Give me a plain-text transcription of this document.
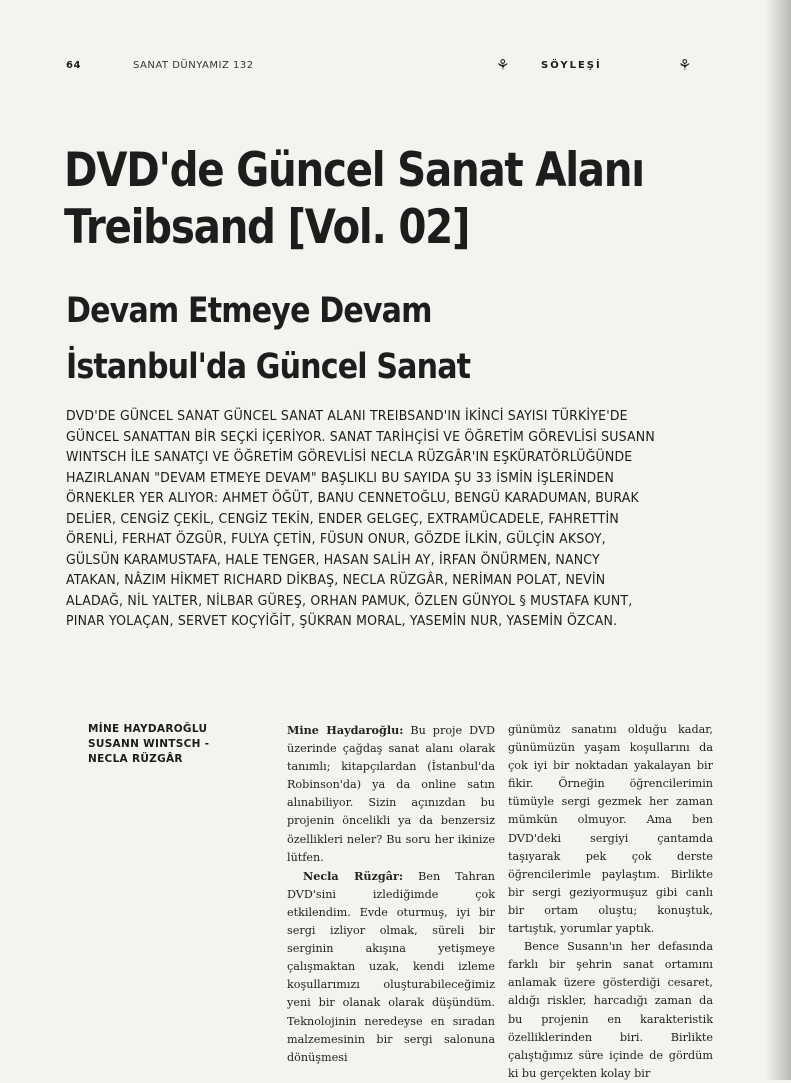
64	SANAT DÜNYAMIZ 132	⚘	SÖYLEŞİ	⚘
DVD'de Güncel Sanat Alanı Treibsand [Vol. 02]
Devam Etmeye Devam
İstanbul'da Güncel Sanat

DVD'DE GÜNCEL SANAT GÜNCEL SANAT ALANI TREIBSAND'IN İKİNCİ SAYISI TÜRKİYE'DE GÜNCEL SANATTAN BİR SEÇKİ İÇERİYOR. SANAT TARİHÇİSİ VE ÖĞRETİM GÖREVLİSİ SUSANN WINTSCH İLE SANATÇI VE ÖĞRETİM GÖREVLİSİ NECLA RÜZGÂR'IN EŞKÜRATÖRLÜĞÜNDE HAZIRLANAN "DEVAM ETMEYE DEVAM" BAŞLIKLI BU SAYIDA ŞU 33 İSMİN İŞLERİNDEN ÖRNEKLER YER ALIYOR: AHMET ÖĞÜT, BANU CENNETOĞLU, BENGÜ KARADUMAN, BURAK DELİER, CENGİZ ÇEKİL, CENGİZ TEKİN, ENDER GELGEÇ, EXTRAMÜCADELE, FAHRETTİN ÖRENLİ, FERHAT ÖZGÜR, FULYA ÇETİN, FÜSUN ONUR, GÖZDE İLKİN, GÜLÇİN AKSOY, GÜLSÜN KARAMUSTAFA, HALE TENGER, HASAN SALİH AY, İRFAN ÖNÜRMEN, NANCY ATAKAN, NÂZIM HİKMET RICHARD DİKBAŞ, NECLA RÜZGÂR, NERİMAN POLAT, NEVİN ALADAĞ, NİL YALTER, NİLBAR GÜREŞ, ORHAN PAMUK, ÖZLEN GÜNYOL § MUSTAFA KUNT, PINAR YOLAÇAN, SERVET KOÇYİĞİT, ŞÜKRAN MORAL, YASEMİN NUR, YASEMİN ÖZCAN.

MİNE HAYDAROĞLU
SUSANN WINTSCH -
NECLA RÜZGÂR

Mine Haydaroğlu: Bu proje DVD üzerinde çağdaş sanat alanı olarak tanımlı; kitapçılardan (İstanbul'da Robinson'da) ya da online satın alınabiliyor. Sizin açınızdan bu projenin öncelikli ya da benzersiz özellikleri neler? Bu soru her ikinize lütfen.

Necla Rüzgâr: Ben Tahran DVD'sini izlediğimde çok etkilendim. Evde oturmuş, iyi bir sergi izliyor olmak, süreli bir serginin akışına yetişmeye çalışmaktan uzak, kendi izleme koşullarımızı oluşturabileceğimiz yeni bir olanak olarak düşündüm. Teknolojinin neredeyse en sıradan malzemesinin bir sergi salonuna dönüşmesi

günümüz sanatını olduğu kadar, günümüzün yaşam koşullarını da çok iyi bir noktadan yakalayan bir fikir. Örneğin öğrencilerimin tümüyle sergi gezmek her zaman mümkün olmuyor. Ama ben DVD'deki sergiyi çantamda taşıyarak pek çok derste öğrencilerimle paylaştım. Birlikte bir sergi geziyormuşuz gibi canlı bir ortam oluştu; konuştuk, tartıştık, yorumlar yaptık.

Bence Susann'ın her defasında farklı bir şehrin sanat ortamını anlamak üzere gösterdiği cesaret, aldığı riskler, harcadığı zaman da bu projenin en karakteristik özelliklerinden biri. Birlikte çalıştığımız süre içinde de gördüm ki bu gerçekten kolay bir
